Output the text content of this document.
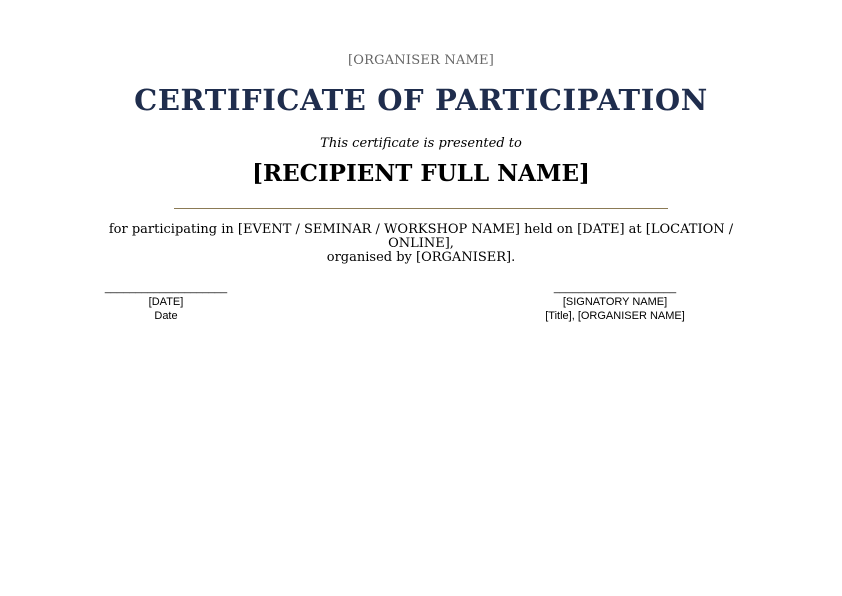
[ORGANISER NAME]
CERTIFICATE OF PARTICIPATION
This certificate is presented to
[RECIPIENT FULL NAME]
for participating in [EVENT / SEMINAR / WORKSHOP NAME] held on [DATE] at [LOCATION / ONLINE],
organised by [ORGANISER].
____________________
[DATE]
Date
____________________
[SIGNATORY NAME]
[Title], [ORGANISER NAME]
